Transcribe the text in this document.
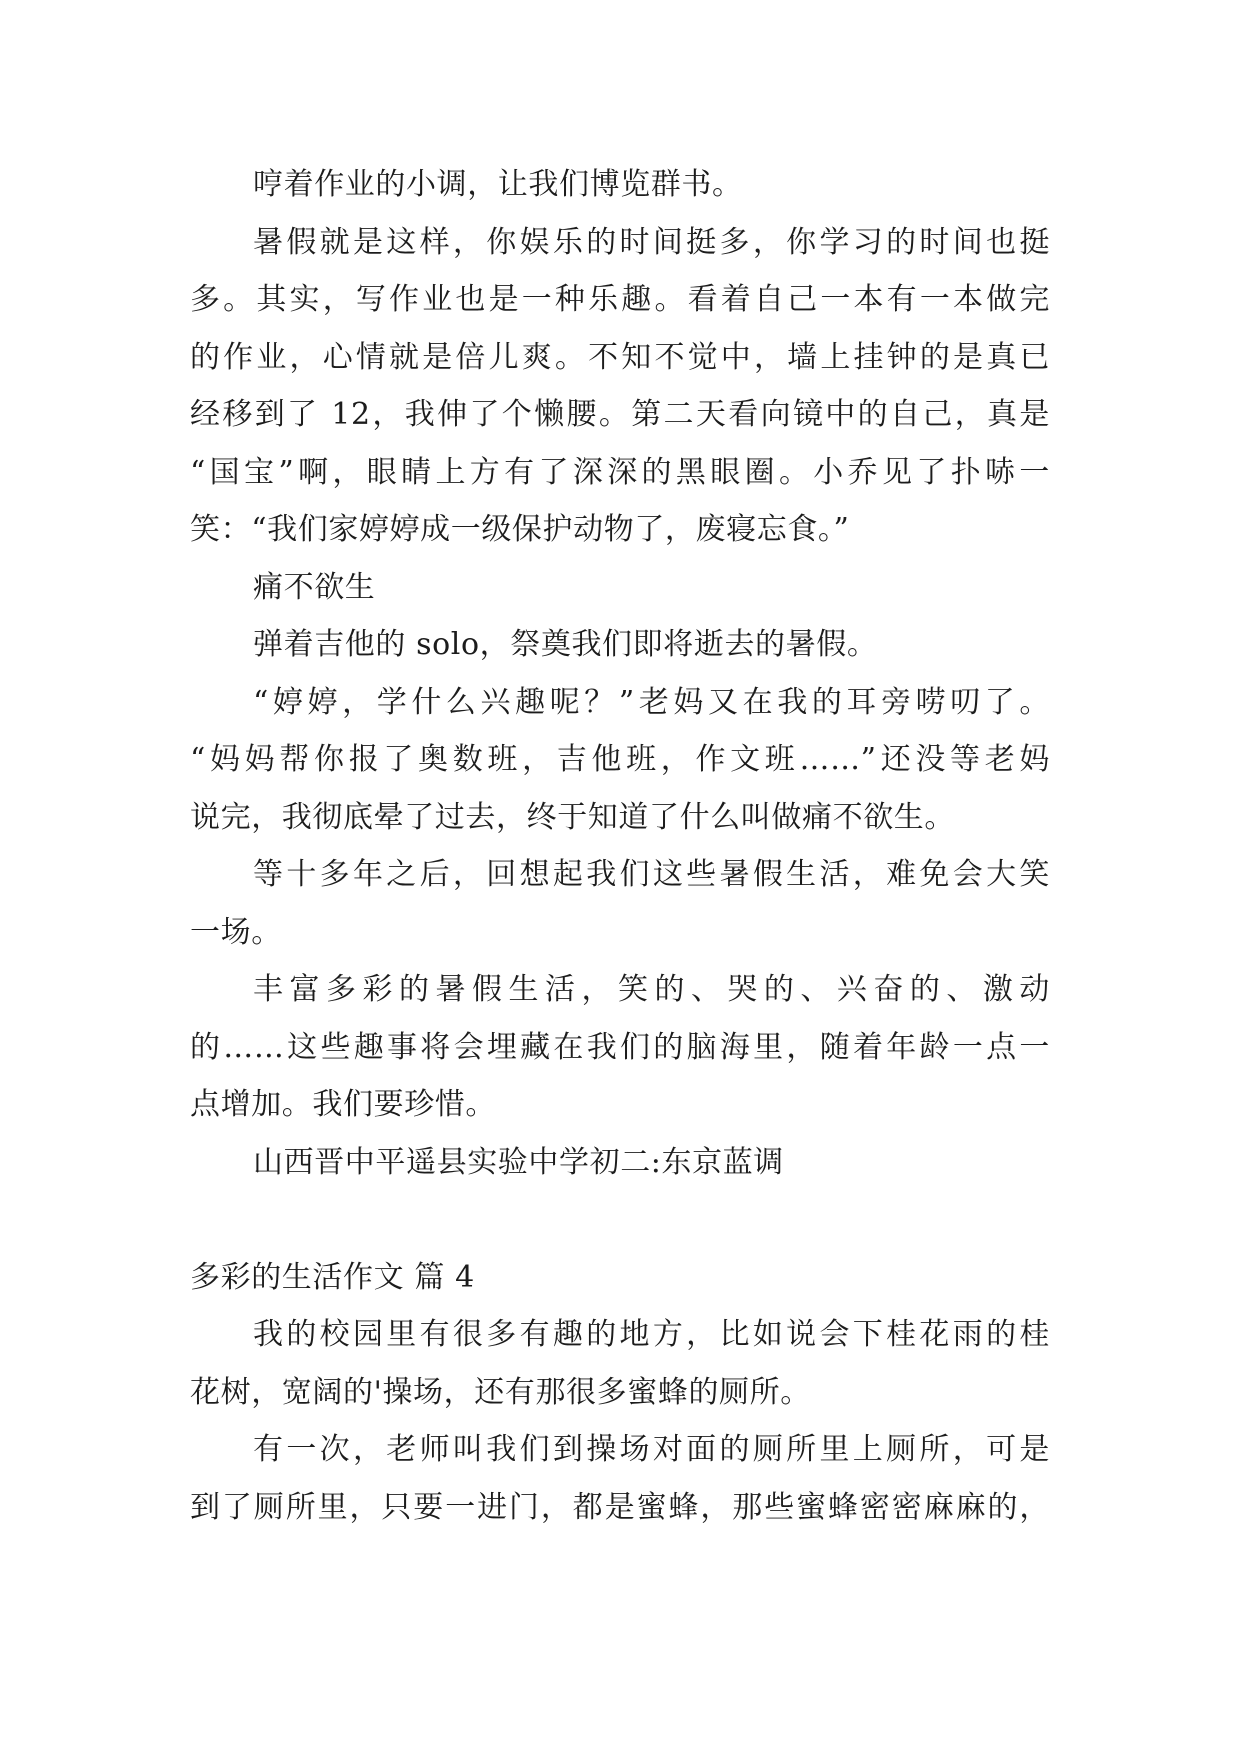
哼着作业的小调，让我们博览群书。
暑假就是这样，你娱乐的时间挺多，你学习的时间也挺
多。其实，写作业也是一种乐趣。看着自己一本有一本做完
的作业，心情就是倍儿爽。不知不觉中，墙上挂钟的是真已
经移到了 12，我伸了个懒腰。第二天看向镜中的自己，真是
“国宝”啊，眼睛上方有了深深的黑眼圈。小乔见了扑哧一
笑：“我们家婷婷成一级保护动物了，废寝忘食。”
痛不欲生
弹着吉他的 solo，祭奠我们即将逝去的暑假。
“婷婷，学什么兴趣呢？”老妈又在我的耳旁唠叨了。
“妈妈帮你报了奥数班，吉他班，作文班……”还没等老妈
说完，我彻底晕了过去，终于知道了什么叫做痛不欲生。
等十多年之后，回想起我们这些暑假生活，难免会大笑
一场。
丰富多彩的暑假生活，笑的、哭的、兴奋的、激动
的……这些趣事将会埋藏在我们的脑海里，随着年龄一点一
点增加。我们要珍惜。
山西晋中平遥县实验中学初二:东京蓝调
多彩的生活作文 篇 4
我的校园里有很多有趣的地方，比如说会下桂花雨的桂
花树，宽阔的'操场，还有那很多蜜蜂的厕所。
有一次，老师叫我们到操场对面的厕所里上厕所，可是
到了厕所里，只要一进门，都是蜜蜂，那些蜜蜂密密麻麻的，
